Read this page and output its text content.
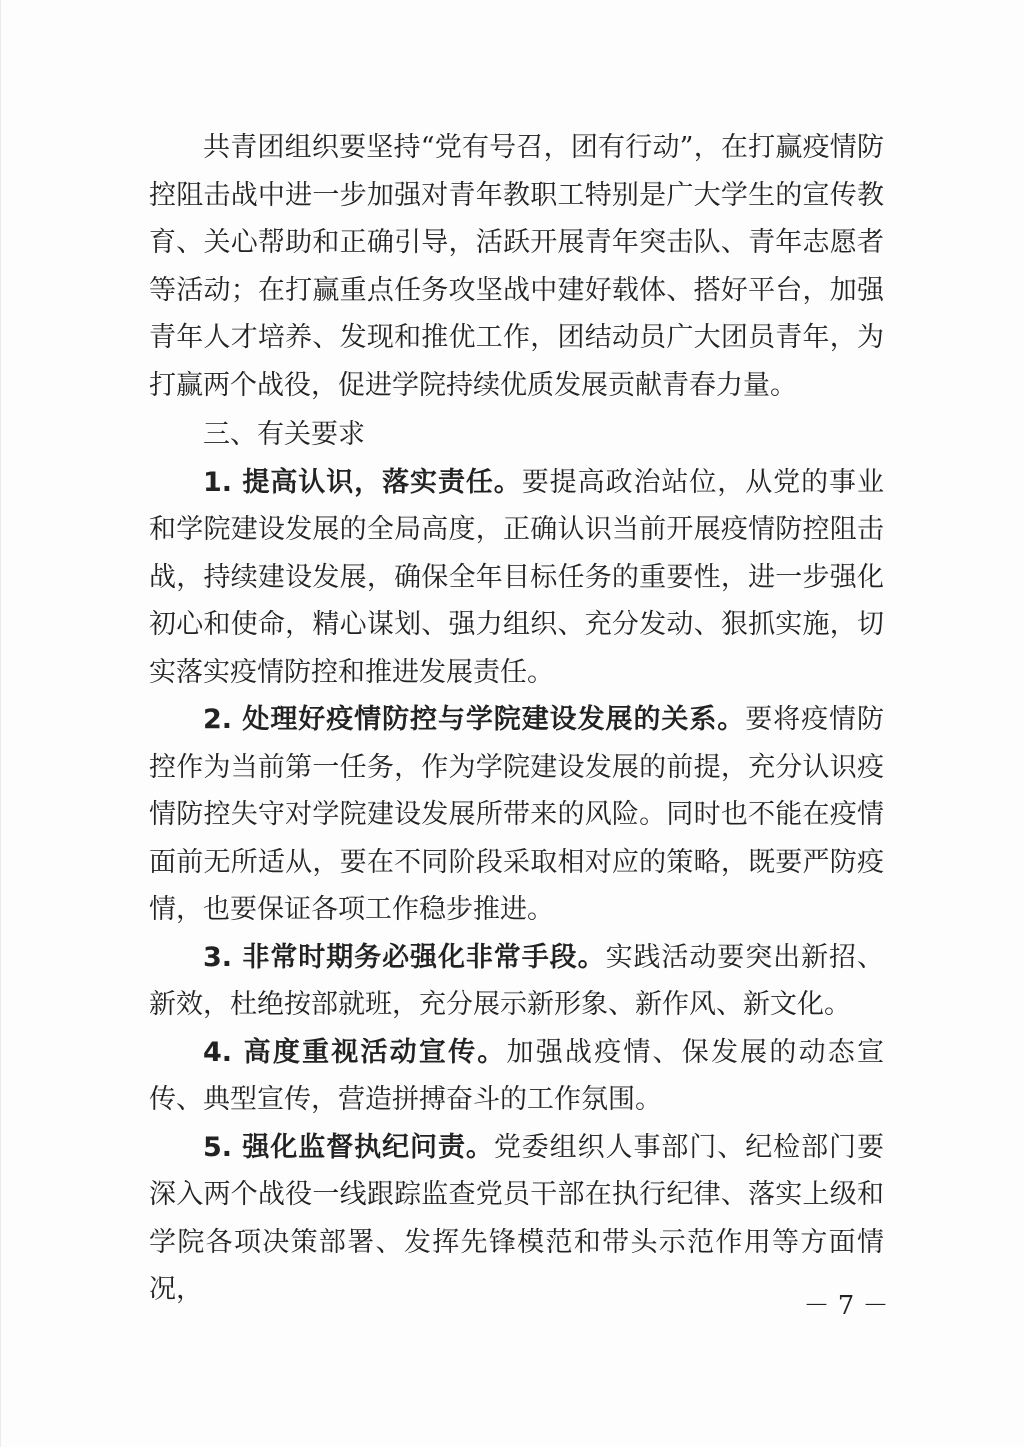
共青团组织要坚持“党有号召，团有行动”，在打赢疫情防控阻击战中进一步加强对青年教职工特别是广大学生的宣传教育、关心帮助和正确引导，活跃开展青年突击队、青年志愿者等活动；在打赢重点任务攻坚战中建好载体、搭好平台，加强青年人才培养、发现和推优工作，团结动员广大团员青年，为打赢两个战役，促进学院持续优质发展贡献青春力量。

三、有关要求

1. 提高认识，落实责任。要提高政治站位，从党的事业和学院建设发展的全局高度，正确认识当前开展疫情防控阻击战，持续建设发展，确保全年目标任务的重要性，进一步强化初心和使命，精心谋划、强力组织、充分发动、狠抓实施，切实落实疫情防控和推进发展责任。

2. 处理好疫情防控与学院建设发展的关系。要将疫情防控作为当前第一任务，作为学院建设发展的前提，充分认识疫情防控失守对学院建设发展所带来的风险。同时也不能在疫情面前无所适从，要在不同阶段采取相对应的策略，既要严防疫情，也要保证各项工作稳步推进。

3. 非常时期务必强化非常手段。实践活动要突出新招、新效，杜绝按部就班，充分展示新形象、新作风、新文化。

4. 高度重视活动宣传。加强战疫情、保发展的动态宣传、典型宣传，营造拼搏奋斗的工作氛围。

5. 强化监督执纪问责。党委组织人事部门、纪检部门要深入两个战役一线跟踪监查党员干部在执行纪律、落实上级和学院各项决策部署、发挥先锋模范和带头示范作用等方面情况，

－ 7 －
